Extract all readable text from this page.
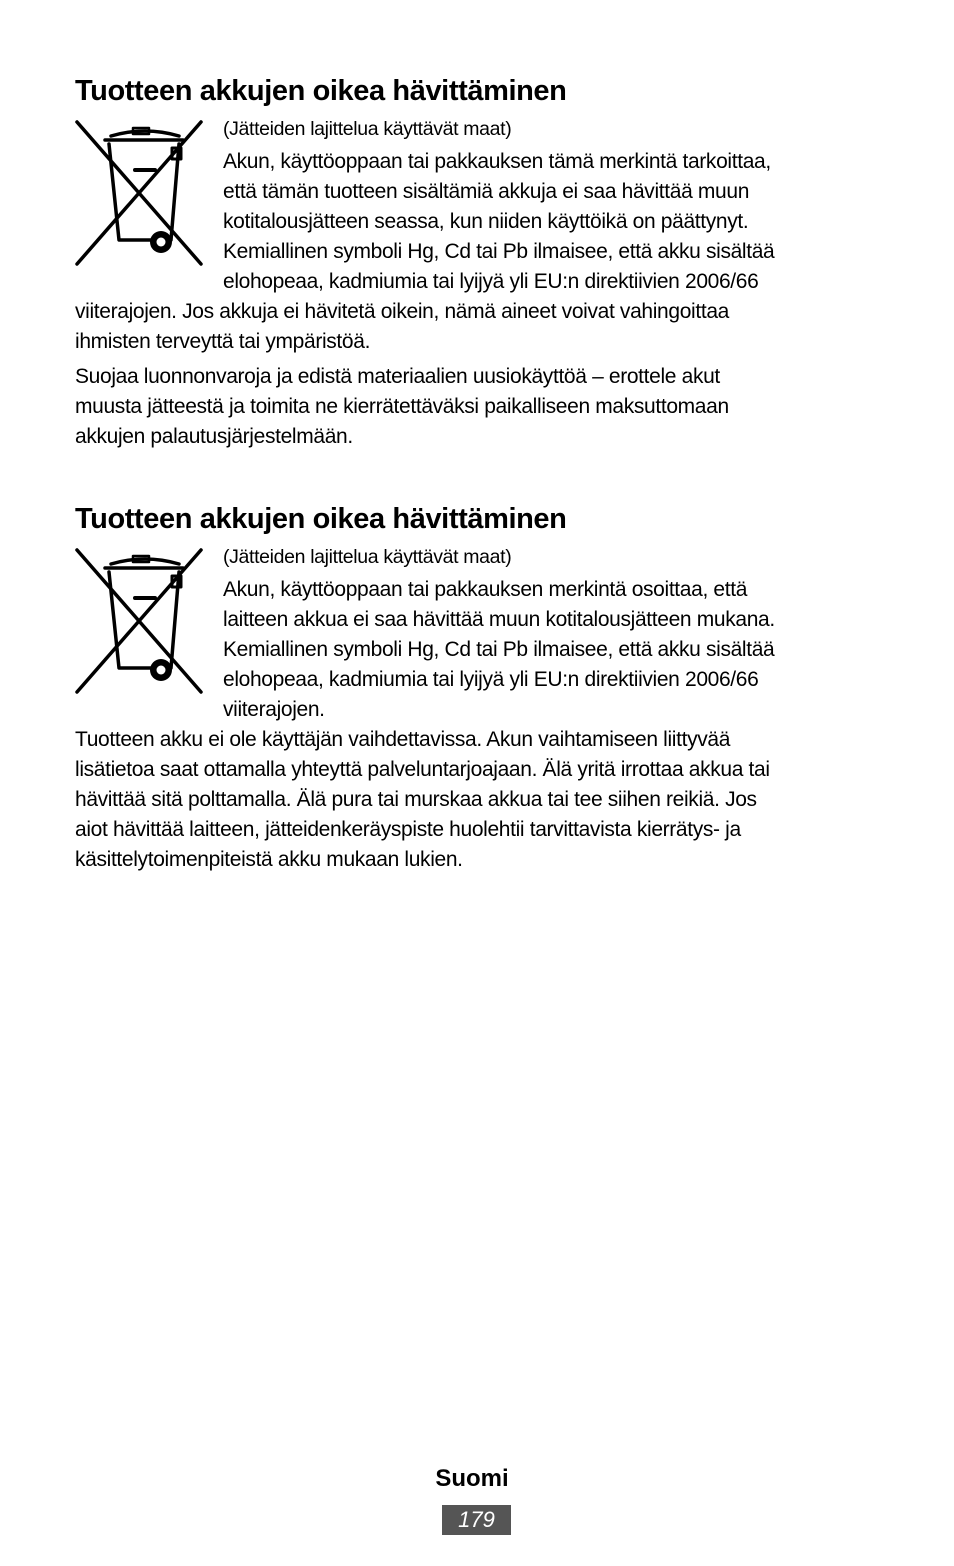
Tuotteen akkujen oikea hävittäminen
(Jätteiden lajittelua käyttävät maat)
Akun, käyttöoppaan tai pakkauksen tämä merkintä tarkoittaa,
että tämän tuotteen sisältämiä akkuja ei saa hävittää muun
kotitalousjätteen seassa, kun niiden käyttöikä on päättynyt.
Kemiallinen symboli Hg, Cd tai Pb ilmaisee, että akku sisältää
elohopeaa, kadmiumia tai lyijyä yli EU:n direktiivien 2006/66

viiterajojen. Jos akkuja ei hävitetä oikein, nämä aineet voivat vahingoittaa
ihmisten terveyttä tai ympäristöä.

Suojaa luonnonvaroja ja edistä materiaalien uusiokäyttöä – erottele akut
muusta jätteestä ja toimita ne kierrätettäväksi paikalliseen maksuttomaan
akkujen palautusjärjestelmään.

Tuotteen akkujen oikea hävittäminen
(Jätteiden lajittelua käyttävät maat)
Akun, käyttöoppaan tai pakkauksen merkintä osoittaa, että
laitteen akkua ei saa hävittää muun kotitalousjätteen mukana.
Kemiallinen symboli Hg, Cd tai Pb ilmaisee, että akku sisältää
elohopeaa, kadmiumia tai lyijyä yli EU:n direktiivien 2006/66
viiterajojen.

Tuotteen akku ei ole käyttäjän vaihdettavissa. Akun vaihtamiseen liittyvää
lisätietoa saat ottamalla yhteyttä palveluntarjoajaan. Älä yritä irrottaa akkua tai
hävittää sitä polttamalla. Älä pura tai murskaa akkua tai tee siihen reikiä. Jos
aiot hävittää laitteen, jätteidenkeräyspiste huolehtii tarvittavista kierrätys- ja
käsittelytoimenpiteistä akku mukaan lukien.

Suomi
179
